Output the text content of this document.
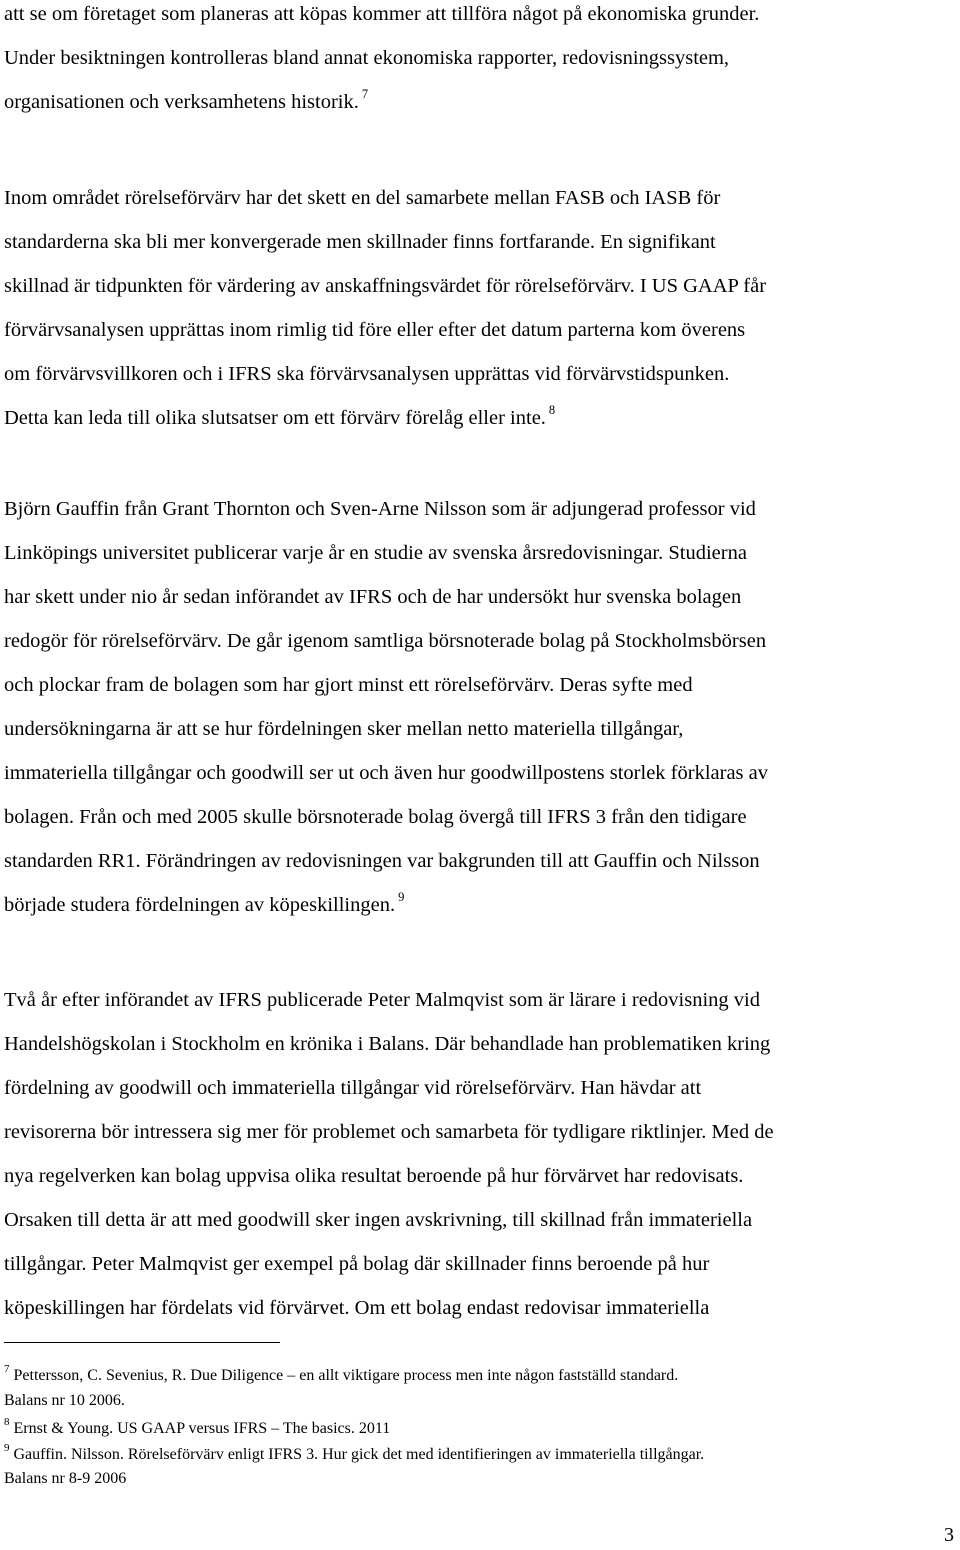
att se om företaget som planeras att köpas kommer att tillföra något på ekonomiska grunder.
Under besiktningen kontrolleras bland annat ekonomiska rapporter, redovisningssystem,
organisationen och verksamhetens historik. $^7$
Inom området rörelseförvärv har det skett en del samarbete mellan FASB och IASB för
standarderna ska bli mer konvergerade men skillnader finns fortfarande. En signifikant
skillnad är tidpunkten för värdering av anskaffningsvärdet för rörelseförvärv. I US GAAP får
förvärvsanalysen upprättas inom rimlig tid före eller efter det datum parterna kom överens
om förvärvsvillkoren och i IFRS ska förvärvsanalysen upprättas vid förvärvstidspunken.
Detta kan leda till olika slutsatser om ett förvärv förelåg eller inte. $^8$
Björn Gauffin från Grant Thornton och Sven-Arne Nilsson som är adjungerad professor vid
Linköpings universitet publicerar varje år en studie av svenska årsredovisningar. Studierna
har skett under nio år sedan införandet av IFRS och de har undersökt hur svenska bolagen
redogör för rörelseförvärv. De går igenom samtliga börsnoterade bolag på Stockholmsbörsen
och plockar fram de bolagen som har gjort minst ett rörelseförvärv. Deras syfte med
undersökningarna är att se hur fördelningen sker mellan netto materiella tillgångar,
immateriella tillgångar och goodwill ser ut och även hur goodwillpostens storlek förklaras av
bolagen. Från och med 2005 skulle börsnoterade bolag övergå till IFRS 3 från den tidigare
standarden RR1. Förändringen av redovisningen var bakgrunden till att Gauffin och Nilsson
började studera fördelningen av köpeskillingen. $^9$
Två år efter införandet av IFRS publicerade Peter Malmqvist som är lärare i redovisning vid
Handelshögskolan i Stockholm en krönika i Balans. Där behandlade han problematiken kring
fördelning av goodwill och immateriella tillgångar vid rörelseförvärv. Han hävdar att
revisorerna bör intressera sig mer för problemet och samarbeta för tydligare riktlinjer. Med de
nya regelverken kan bolag uppvisa olika resultat beroende på hur förvärvet har redovisats.
Orsaken till detta är att med goodwill sker ingen avskrivning, till skillnad från immateriella
tillgångar. Peter Malmqvist ger exempel på bolag där skillnader finns beroende på hur
köpeskillingen har fördelats vid förvärvet. Om ett bolag endast redovisar immateriella
$^7$ Pettersson, C. Sevenius, R. Due Diligence – en allt viktigare process men inte någon fastställd standard.
Balans nr 10 2006.
$^8$ Ernst & Young. US GAAP versus IFRS – The basics. 2011
$^9$ Gauffin. Nilsson. Rörelseförvärv enligt IFRS 3. Hur gick det med identifieringen av immateriella tillgångar.
Balans nr 8-9 2006
3
